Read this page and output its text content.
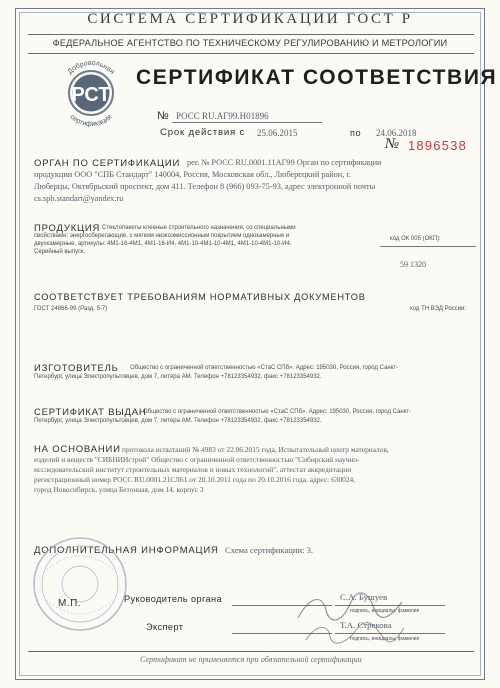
СИСТЕМА СЕРТИФИКАЦИИ ГОСТ Р
ФЕДЕРАЛЬНОЕ АГЕНТСТВО ПО ТЕХНИЧЕСКОМУ РЕГУЛИРОВАНИЮ И МЕТРОЛОГИИ
РСТ
Добровольная
сертификация
СЕРТИФИКАТ СООТВЕТСТВИЯ
№ РОСС RU.АГ99.Н01896
Срок действия с 25.06.2015	по 24.06.2018
№ 1896538
ОРГАН ПО СЕРТИФИКАЦИИ рег. № РОСС RU.0001.11АГ99 Орган по сертификации
продукции ООО "СПБ Стандарт" 140004, Россия, Московская обл., Люберецкий район, г.
Люберцы, Октябрьский проспект, дом 411. Телефон 8 (966) 093-75-93, адрес электронной почты
cs.spb.standart@yandex.ru
ПРОДУКЦИЯ Стеклопакеты клееные строительного назначения, со специальными
свойствами: энергосберегающие, с мягким низкоэмиссионным покрытием однокамерные и
двухкамерные, артикулы: 4М1-16-4М1, 4М1-16-И4, 4М1-10-4М1-10-4М1, 4М1-10-4М1-10-И4.
Серийный выпуск.
код ОК 005 (ОКП):
59 1320
СООТВЕТСТВУЕТ ТРЕБОВАНИЯМ НОРМАТИВНЫХ ДОКУМЕНТОВ
ГОСТ 24866-99 (Разд. 5-7)	код ТН ВЭД России:
ИЗГОТОВИТЕЛЬ Общество с ограниченной ответственностью «СтаС СПб». Адрес: 195030, Россия, город Санкт-
Петербург, улица Электропультовцев, дом 7, литера АМ. Телефон +78123354932, факс +78123354932.
СЕРТИФИКАТ ВЫДАН
Общество с ограниченной ответственностью «СтаС СПб». Адрес: 195030, Россия, город Санкт-
Петербург, улица Электропультовцев, дом 7, литера АМ. Телефон +78123354932, факс +78123354932.
НА ОСНОВАНИИ протокола испытаний № 4983 от 22.06.2015 года, Испытательный центр материалов,
изделий и веществ "СИБНИИстрой" Общество с ограниченной ответственностью "Сибирский научно-
исследовательский институт строительных материалов и новых технологий", аттестат аккредитации
регистрационный номер РОСС RU.0001.21СЛ61 от 20.10.2011 года по 20.10.2016 года, адрес: 630024,
город Новосибирск, улица Бетонная, дом 14, корпус 3
ДОПОЛНИТЕЛЬНАЯ ИНФОРМАЦИЯ Схема сертификации: 3.
М.П.	Руководитель органа	С.А. Бушуев
подпись, инициалы, фамилия
Эксперт	Т.А. Стрекова
подпись, инициалы, фамилия
Сертификат не применяется при обязательной сертификации
